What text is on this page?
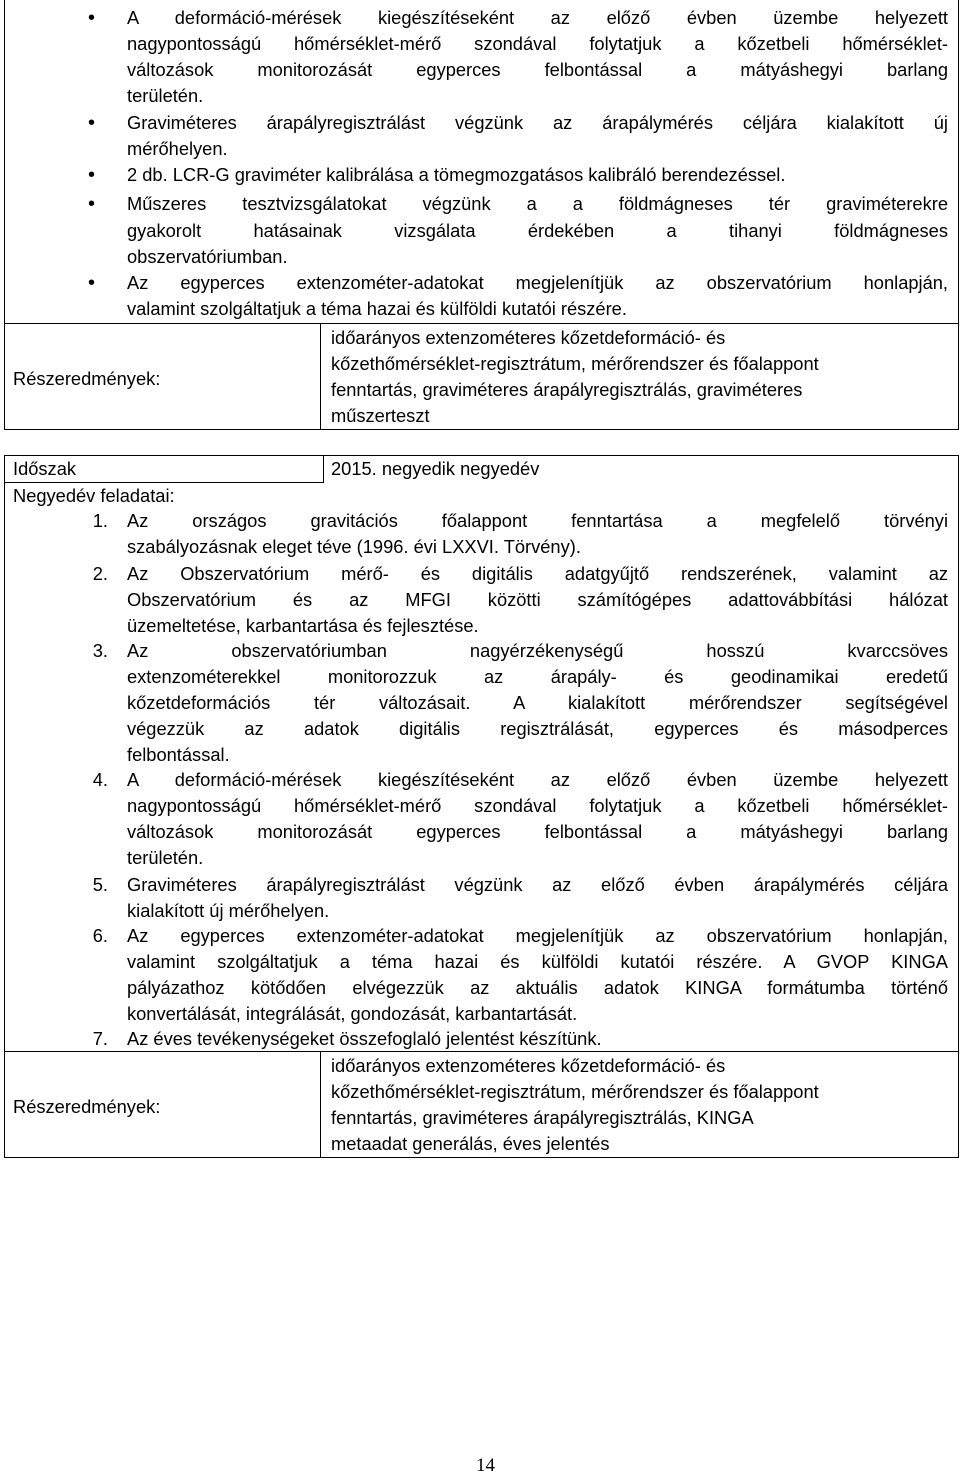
• A deformáció-mérések kiegészítéseként az előző évben üzembe helyezett
nagypontosságú hőmérséklet-mérő szondával folytatjuk a kőzetbeli hőmérséklet-
változások monitorozását egyperces felbontással a mátyáshegyi barlang
területén.
• Graviméteres árapályregisztrálást végzünk az árapálymérés céljára kialakított új
mérőhelyen.
• 2 db. LCR-G graviméter kalibrálása a tömegmozgatásos kalibráló berendezéssel.
• Műszeres tesztvizsgálatokat végzünk a a földmágneses tér graviméterekre
gyakorolt hatásainak vizsgálata érdekében a tihanyi földmágneses
obszervatóriumban.
• Az egyperces extenzométer-adatokat megjelenítjük az obszervatórium honlapján,
valamint szolgáltatjuk a téma hazai és külföldi kutatói részére.
Részeredmények:
időarányos extenzométeres kőzetdeformáció- és
kőzethőmérséklet-regisztrátum, mérőrendszer és főalappont
fenntartás, graviméteres árapályregisztrálás, graviméteres
műszerteszt
Időszak	2015. negyedik negyedév
Negyedév feladatai:
1. Az országos gravitációs főalappont fenntartása a megfelelő törvényi
szabályozásnak eleget téve (1996. évi LXXVI. Törvény).
2. Az Obszervatórium mérő- és digitális adatgyűjtő rendszerének, valamint az
Obszervatórium és az MFGI közötti számítógépes adattovábbítási hálózat
üzemeltetése, karbantartása és fejlesztése.
3. Az obszervatóriumban nagyérzékenységű hosszú kvarccsöves
extenzométerekkel monitorozzuk az árapály- és geodinamikai eredetű
kőzetdeformációs tér változásait. A kialakított mérőrendszer segítségével
végezzük az adatok digitális regisztrálását, egyperces és másodperces
felbontással.
4. A deformáció-mérések kiegészítéseként az előző évben üzembe helyezett
nagypontosságú hőmérséklet-mérő szondával folytatjuk a kőzetbeli hőmérséklet-
változások monitorozását egyperces felbontással a mátyáshegyi barlang
területén.
5. Graviméteres árapályregisztrálást végzünk az előző évben árapálymérés céljára
kialakított új mérőhelyen.
6. Az egyperces extenzométer-adatokat megjelenítjük az obszervatórium honlapján,
valamint szolgáltatjuk a téma hazai és külföldi kutatói részére. A GVOP KINGA
pályázathoz kötődően elvégezzük az aktuális adatok KINGA formátumba történő
konvertálását, integrálását, gondozását, karbantartását.
7. Az éves tevékenységeket összefoglaló jelentést készítünk.
Részeredmények:
időarányos extenzométeres kőzetdeformáció- és
kőzethőmérséklet-regisztrátum, mérőrendszer és főalappont
fenntartás, graviméteres árapályregisztrálás, KINGA
metaadat generálás, éves jelentés
14
